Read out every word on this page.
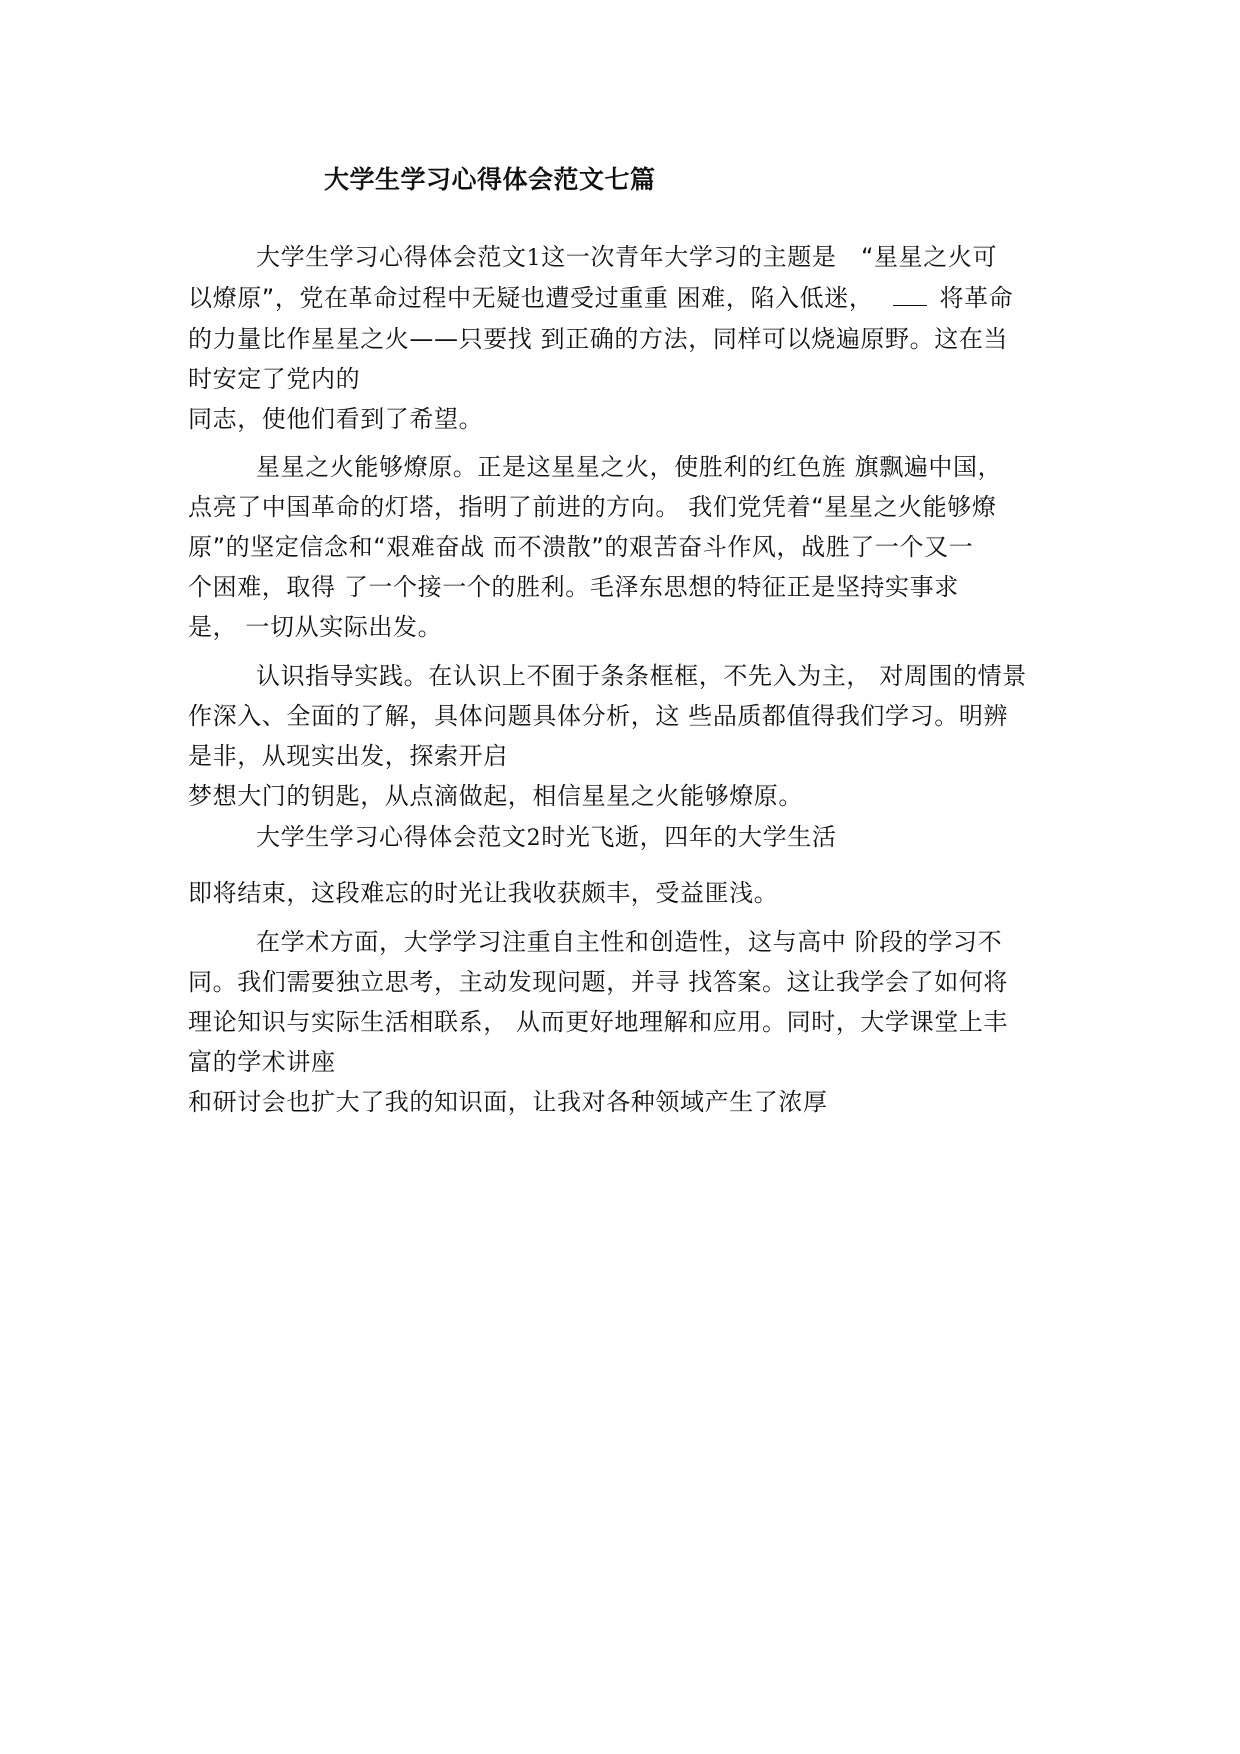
大学生学习心得体会范文七篇
大学生学习心得体会范文1这一次青年大学习的主题是　“星星之火可
以燎原”，党在革命过程中无疑也遭受过重重 困难，陷入低迷，	将革命
的力量比作星星之火——只要找 到正确的方法，同样可以烧遍原野。这在当
时安定了党内的
同志，使他们看到了希望。
星星之火能够燎原。正是这星星之火，使胜利的红色旌 旗飘遍中国，
点亮了中国革命的灯塔，指明了前进的方向。 我们党凭着“星星之火能够燎
原”的坚定信念和“艰难奋战 而不溃散”的艰苦奋斗作风，战胜了一个又一
个困难，取得 了一个接一个的胜利。毛泽东思想的特征正是坚持实事求
是， 一切从实际出发。
认识指导实践。在认识上不囿于条条框框，不先入为主， 对周围的情景
作深入、全面的了解，具体问题具体分析，这 些品质都值得我们学习。明辨
是非，从现实出发，探索开启
梦想大门的钥匙，从点滴做起，相信星星之火能够燎原。
大学生学习心得体会范文2时光飞逝，四年的大学生活
即将结束，这段难忘的时光让我收获颇丰，受益匪浅。
在学术方面，大学学习注重自主性和创造性，这与高中 阶段的学习不
同。我们需要独立思考，主动发现问题，并寻 找答案。这让我学会了如何将
理论知识与实际生活相联系， 从而更好地理解和应用。同时，大学课堂上丰
富的学术讲座
和研讨会也扩大了我的知识面，让我对各种领域产生了浓厚
